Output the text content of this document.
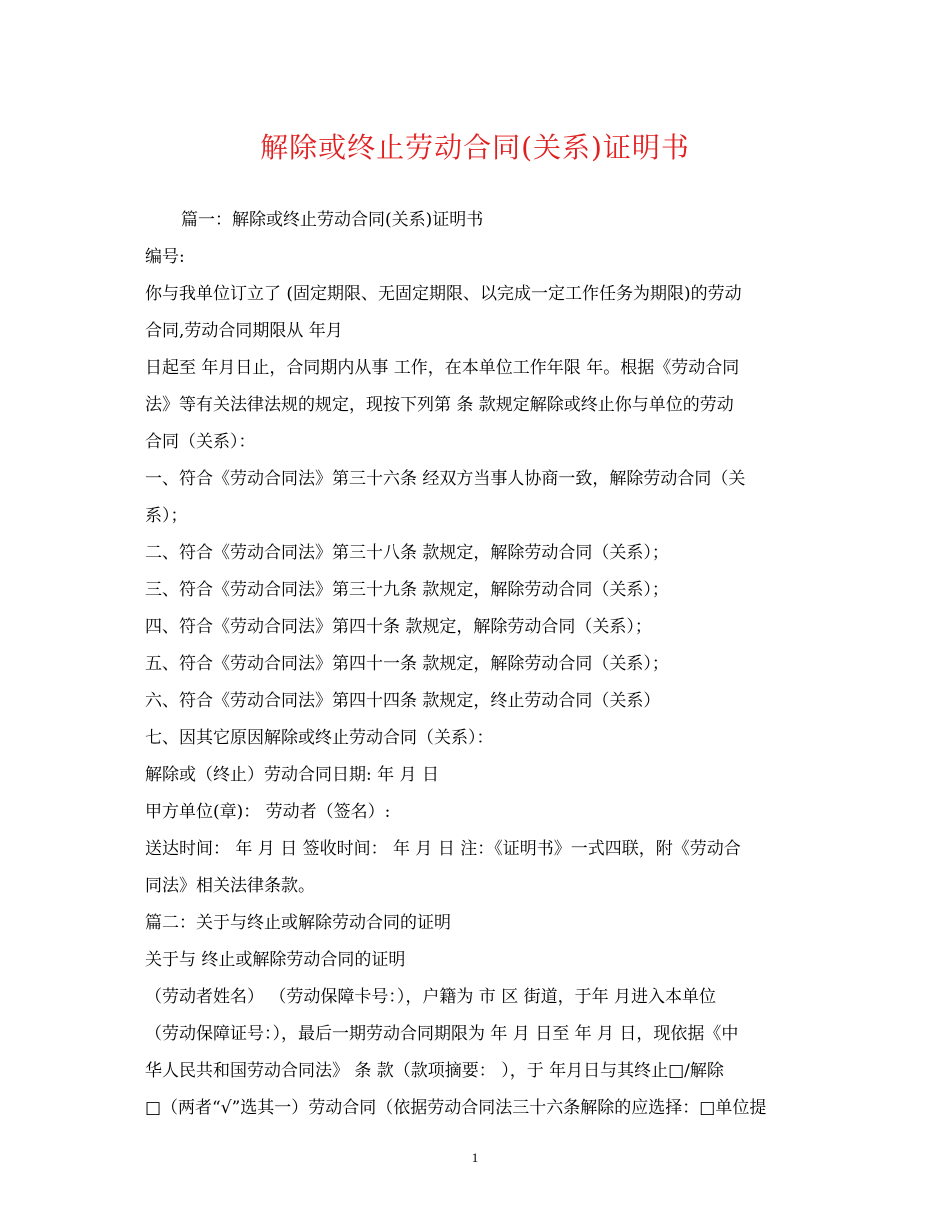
解除或终止劳动合同(关系)证明书
篇一：解除或终止劳动合同(关系)证明书
编号:
你与我单位订立了 (固定期限、无固定期限、以完成一定工作任务为期限)的劳动
合同,劳动合同期限从 年月
日起至 年月日止，合同期内从事 工作，在本单位工作年限 年。根据《劳动合同
法》等有关法律法规的规定，现按下列第 条 款规定解除或终止你与单位的劳动
合同（关系）：
一、符合《劳动合同法》第三十六条 经双方当事人协商一致，解除劳动合同（关
系）；
二、符合《劳动合同法》第三十八条 款规定，解除劳动合同（关系）；
三、符合《劳动合同法》第三十九条 款规定，解除劳动合同（关系）；
四、符合《劳动合同法》第四十条 款规定，解除劳动合同（关系）；
五、符合《劳动合同法》第四十一条 款规定，解除劳动合同（关系）；
六、符合《劳动合同法》第四十四条 款规定，终止劳动合同（关系）
七、因其它原因解除或终止劳动合同（关系）：
解除或（终止）劳动合同日期: 年 月 日
甲方单位(章)： 劳动者（签名）:
送达时间： 年 月 日 签收时间： 年 月 日 注：《证明书》一式四联，附《劳动合
同法》相关法律条款。
篇二：关于与终止或解除劳动合同的证明
关于与 终止或解除劳动合同的证明
（劳动者姓名） （劳动保障卡号：），户籍为 市 区 街道，于年 月进入本单位
（劳动保障证号：），最后一期劳动合同期限为 年 月 日至 年 月 日，现依据《中
华人民共和国劳动合同法》 条 款（款项摘要： ），于 年月日与其终止□/解除
□（两者“√”选其一）劳动合同（依据劳动合同法三十六条解除的应选择：□单位提
1
